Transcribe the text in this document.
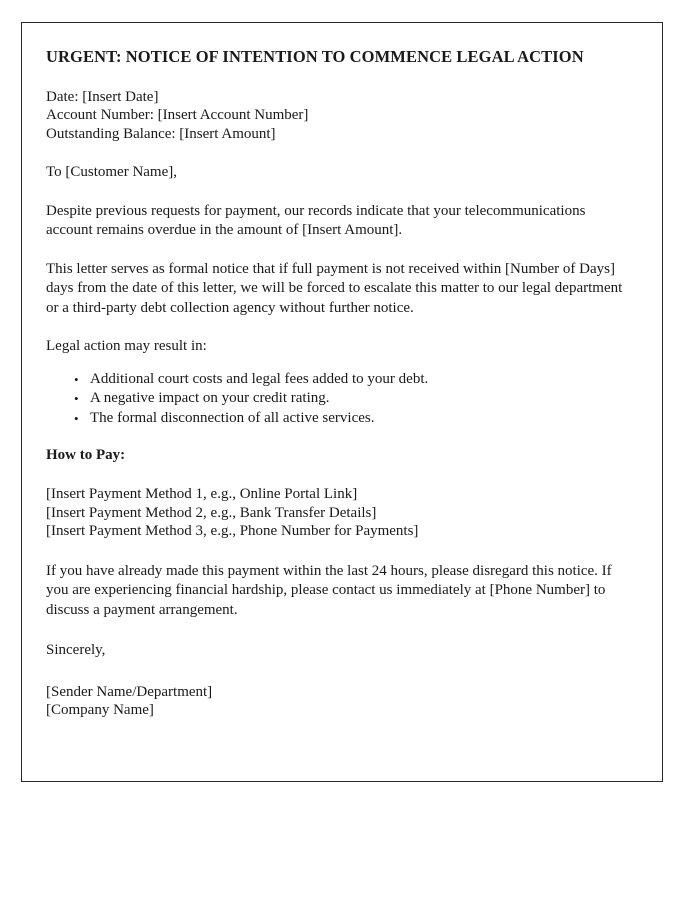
URGENT: NOTICE OF INTENTION TO COMMENCE LEGAL ACTION
Date: [Insert Date]
Account Number: [Insert Account Number]
Outstanding Balance: [Insert Amount]
To [Customer Name],

Despite previous requests for payment, our records indicate that your telecommunications account remains overdue in the amount of [Insert Amount].

This letter serves as formal notice that if full payment is not received within [Number of Days] days from the date of this letter, we will be forced to escalate this matter to our legal department or a third-party debt collection agency without further notice.

Legal action may result in:
• Additional court costs and legal fees added to your debt.
• A negative impact on your credit rating.
• The formal disconnection of all active services.
How to Pay:
[Insert Payment Method 1, e.g., Online Portal Link]
[Insert Payment Method 2, e.g., Bank Transfer Details]
[Insert Payment Method 3, e.g., Phone Number for Payments]

If you have already made this payment within the last 24 hours, please disregard this notice. If you are experiencing financial hardship, please contact us immediately at [Phone Number] to discuss a payment arrangement.

Sincerely,
[Sender Name/Department]
[Company Name]
